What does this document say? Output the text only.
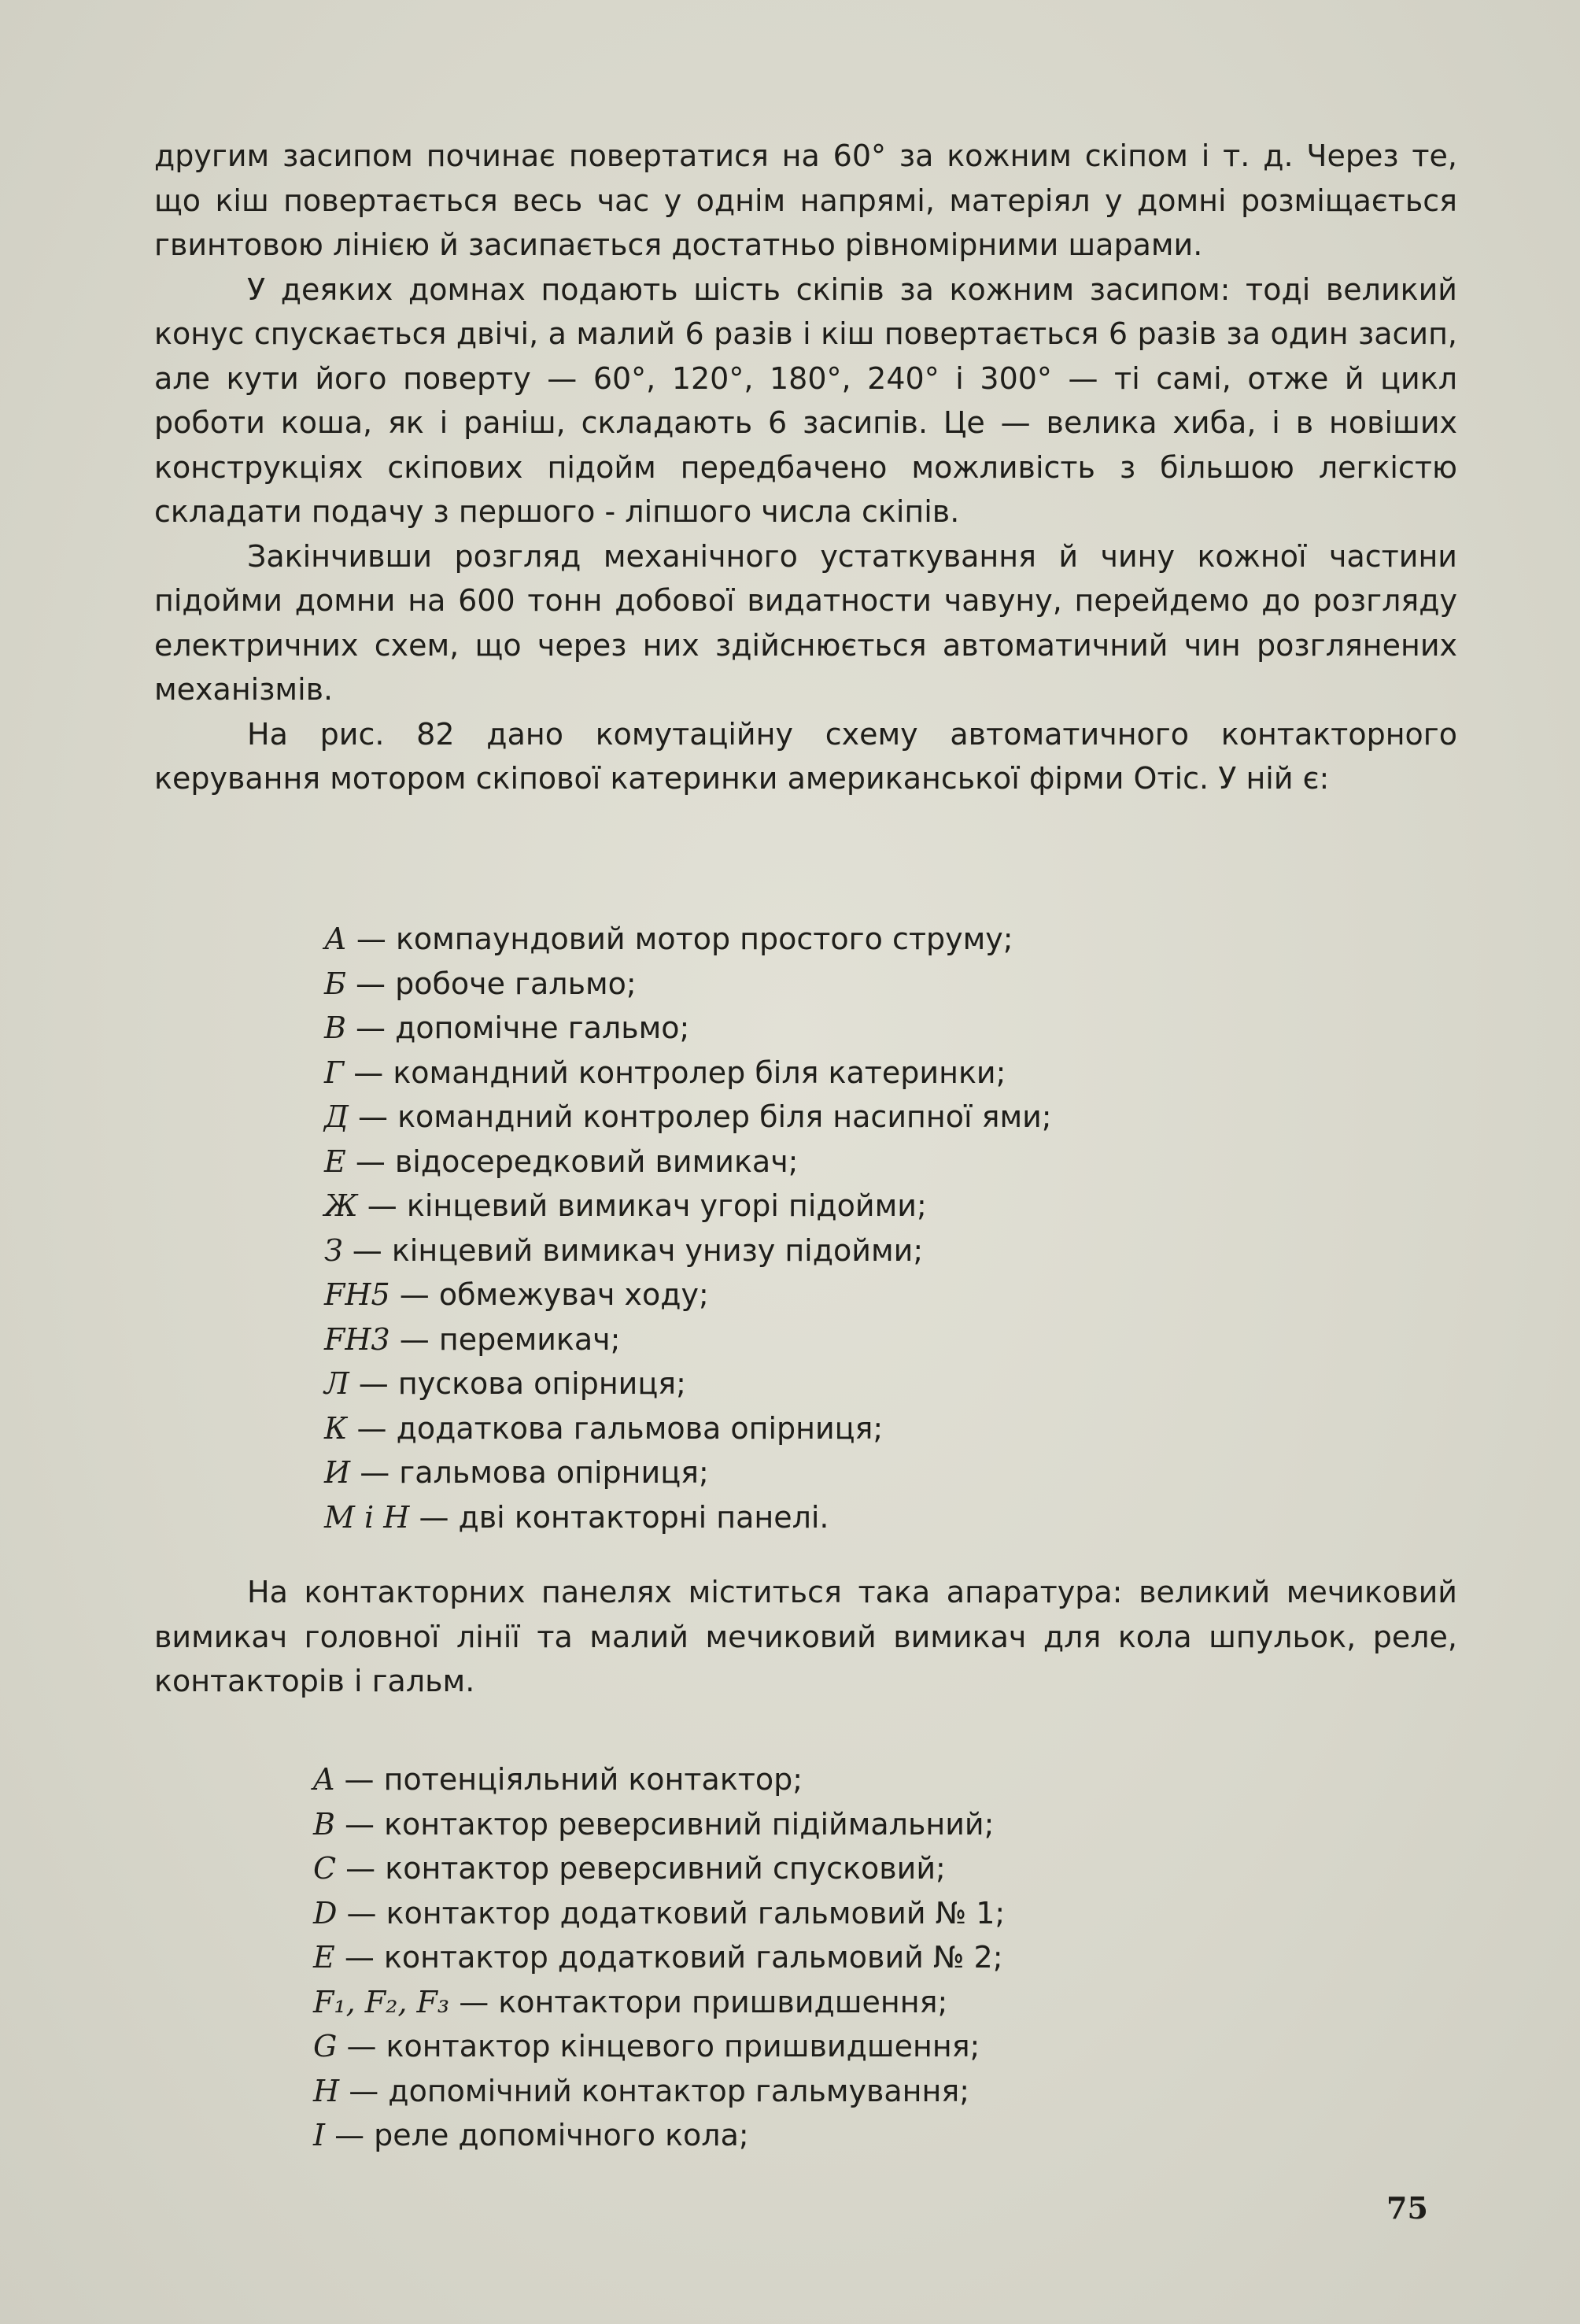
другим засипом починає повертатися на 60° за кожним скіпом і т. д. Через те, що кіш повертається весь час у однім напрямі, матеріял у домні розміщається гвинтовою лінією й засипається достатньо рівномірними шарами.

У деяких домнах подають шість скіпів за кожним засипом: тоді великий конус спускається двічі, а малий 6 разів і кіш повертається 6 разів за один засип, але кути його поверту — 60°, 120°, 180°, 240° і 300° — ті самі, отже й цикл роботи коша, як і раніш, складають 6 засипів. Це — велика хиба, і в новіших конструкціях скіпових підойм передбачено можливість з більшою легкістю складати подачу з першого - ліпшого числа скіпів.

Закінчивши розгляд механічного устаткування й чину кожної частини підойми домни на 600 тонн добової видатности чавуну, перейдемо до розгляду електричних схем, що через них здійснюється автоматичний чин розглянених механізмів.

На рис. 82 дано комутаційну схему автоматичного контакторного керування мотором скіпової катеринки американської фірми Отіс. У ній є:

А — компаундовий мотор простого струму;
Б — робоче гальмо;
В — допомічне гальмо;
Г — командний контролер біля катеринки;
Д — командний контролер біля насипної ями;
Е — відосередковий вимикач;
Ж — кінцевий вимикач угорі підойми;
З — кінцевий вимикач унизу підойми;
FH5 — обмежувач ходу;
FH3 — перемикач;
Л — пускова опірниця;
К — додаткова гальмова опірниця;
И — гальмова опірниця;
М і Н — дві контакторні панелі.

На контакторних панелях міститься така апаратура: великий мечиковий вимикач головної лінії та малий мечиковий вимикач для кола шпульок, реле, контакторів і гальм.

A — потенціяльний контактор;
B — контактор реверсивний підіймальний;
C — контактор реверсивний спусковий;
D — контактор додатковий гальмовий № 1;
E — контактор додатковий гальмовий № 2;
F₁, F₂, F₃ — контактори пришвидшення;
G — контактор кінцевого пришвидшення;
H — допомічний контактор гальмування;
I — реле допомічного кола;
75
